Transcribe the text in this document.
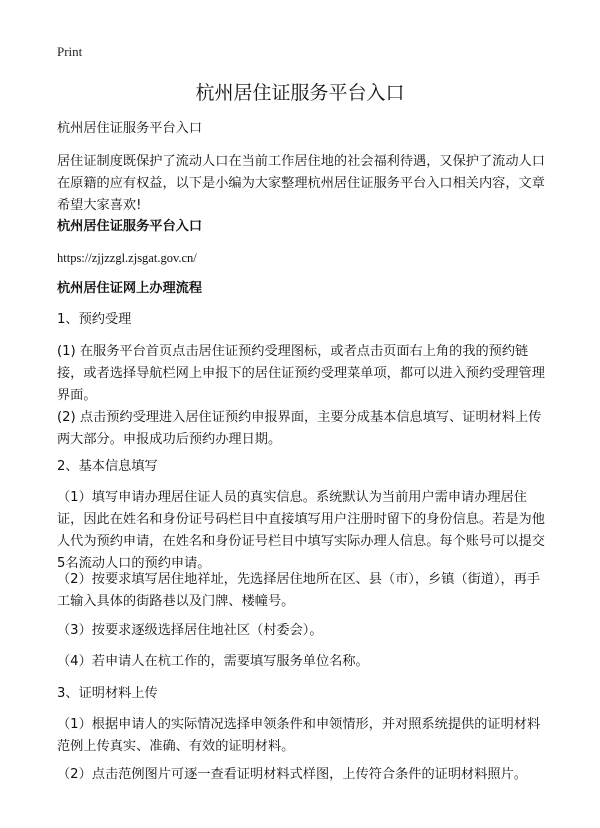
Print
杭州居住证服务平台入口

杭州居住证服务平台入口

居住证制度既保护了流动人口在当前工作居住地的社会福利待遇，又保护了流动人口在原籍的应有权益，以下是小编为大家整理杭州居住证服务平台入口相关内容，文章希望大家喜欢!

杭州居住证服务平台入口

https://zjjzzgl.zjsgat.gov.cn/

杭州居住证网上办理流程

1、预约受理

(1) 在服务平台首页点击居住证预约受理图标，或者点击页面右上角的我的预约链接，或者选择导航栏网上申报下的居住证预约受理菜单项，都可以进入预约受理管理界面。

(2) 点击预约受理进入居住证预约申报界面，主要分成基本信息填写、证明材料上传两大部分。申报成功后预约办理日期。

2、基本信息填写

（1）填写申请办理居住证人员的真实信息。系统默认为当前用户需申请办理居住证，因此在姓名和身份证号码栏目中直接填写用户注册时留下的身份信息。若是为他人代为预约申请，在姓名和身份证号栏目中填写实际办理人信息。每个账号可以提交5名流动人口的预约申请。

（2）按要求填写居住地祥址，先选择居住地所在区、县（市），乡镇（街道），再手工输入具体的街路巷以及门牌、楼幢号。

（3）按要求逐级选择居住地社区（村委会）。

（4）若申请人在杭工作的，需要填写服务单位名称。

3、证明材料上传

（1）根据申请人的实际情况选择申领条件和申领情形，并对照系统提供的证明材料范例上传真实、准确、有效的证明材料。

（2）点击范例图片可逐一查看证明材料式样图，上传符合条件的证明材料照片。
